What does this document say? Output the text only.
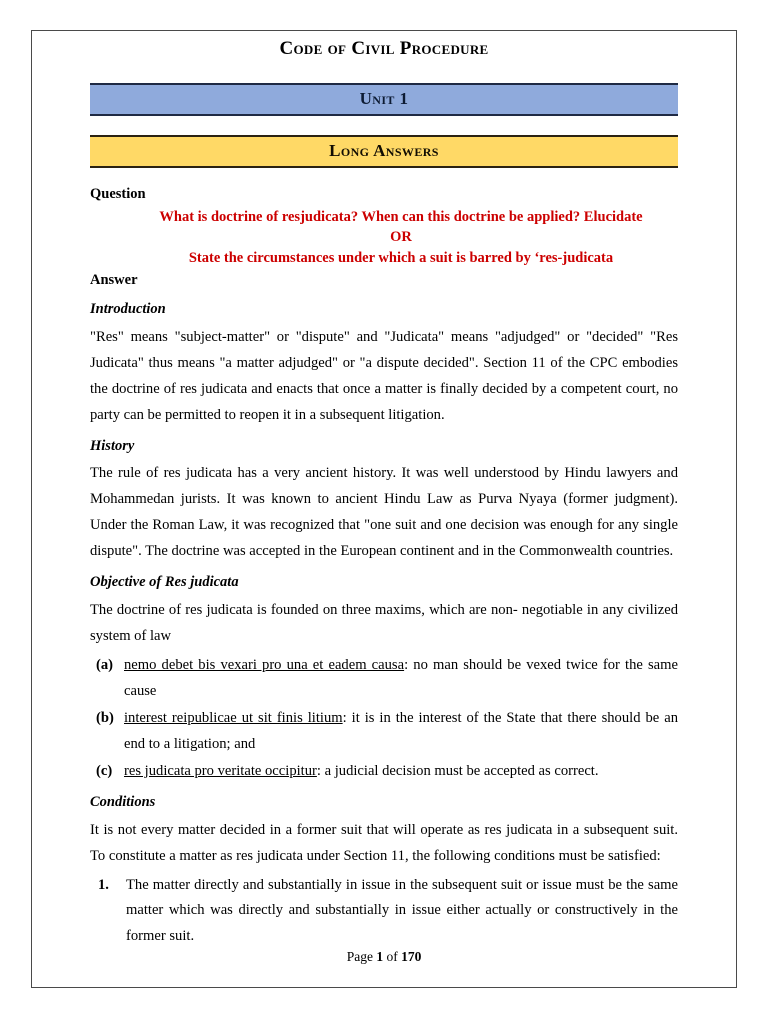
Code of Civil Procedure
Unit 1
Long Answers
Question
What is doctrine of resjudicata? When can this doctrine be applied? Elucidate
OR
State the circumstances under which a suit is barred by ‘res-judicata
Answer
Introduction

"Res" means "subject-matter" or "dispute" and "Judicata" means "adjudged" or "decided" "Res Judicata" thus means "a matter adjudged" or "a dispute decided". Section 11 of the CPC embodies the doctrine of res judicata and enacts that once a matter is finally decided by a competent court, no party can be permitted to reopen it in a subsequent litigation.

History

The rule of res judicata has a very ancient history. It was well understood by Hindu lawyers and Mohammedan jurists. It was known to ancient Hindu Law as Purva Nyaya (former judgment). Under the Roman Law, it was recognized that "one suit and one decision was enough for any single dispute". The doctrine was accepted in the European continent and in the Commonwealth countries.

Objective of Res judicata

The doctrine of res judicata is founded on three maxims, which are non- negotiable in any civilized system of law

(a) nemo debet bis vexari pro una et eadem causa: no man should be vexed twice for the same cause
(b) interest reipublicae ut sit finis litium: it is in the interest of the State that there should be an end to a litigation; and
(c) res judicata pro veritate occipitur: a judicial decision must be accepted as correct.
Conditions

It is not every matter decided in a former suit that will operate as res judicata in a subsequent suit. To constitute a matter as res judicata under Section 11, the following conditions must be satisfied:

1.	The matter directly and substantially in issue in the subsequent suit or issue must be the same matter which was directly and substantially in issue either actually or constructively in the former suit.
Page 1 of 170
